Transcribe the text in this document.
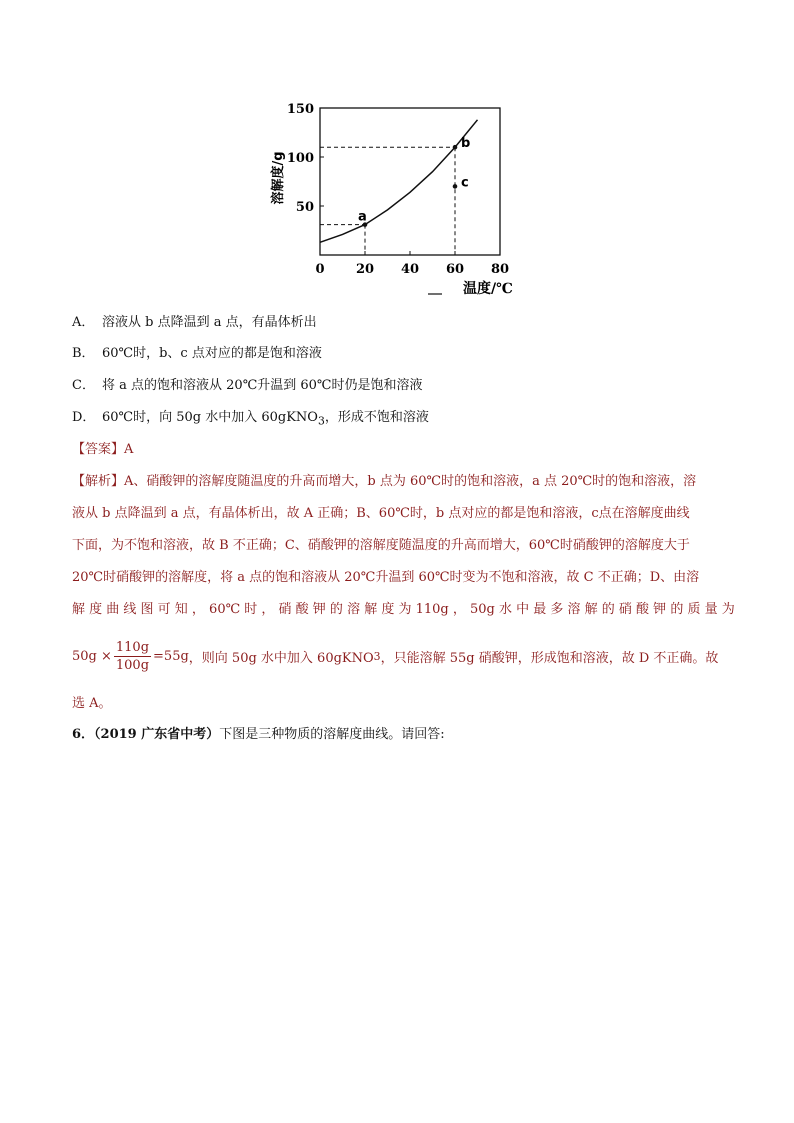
溶解度/g
温度/℃
0 20 40 60 80
50
100
150
a
b
c
A． 溶液从 b 点降温到 a 点，有晶体析出
B． 60℃时，b、c 点对应的都是饱和溶液
C． 将 a 点的饱和溶液从 20℃升温到 60℃时仍是饱和溶液
D． 60℃时，向 50g 水中加入 60gKNO$_3$，形成不饱和溶液
【答案】A
【解析】A、硝酸钾的溶解度随温度的升高而增大，b 点为 60℃时的饱和溶液，a 点 20℃时的饱和溶液，溶
液从 b 点降温到 a 点，有晶体析出，故 A 正确；B、60℃时，b 点对应的都是饱和溶液，c点在溶解度曲线
下面，为不饱和溶液，故 B 不正确；C、硝酸钾的溶解度随温度的升高而增大，60℃时硝酸钾的溶解度大于
20℃时硝酸钾的溶解度，将 a 点的饱和溶液从 20℃升温到 60℃时变为不饱和溶液，故 C 不正确；D、由溶
解 度 曲 线 图 可 知 ， 60℃ 时 ， 硝 酸 钾 的 溶 解 度 为 110g ， 50g 水 中 最 多 溶 解 的 硝 酸 钾 的 质 量 为
$50g \times \frac{110g}{100g} =55g$ ，则向 50g 水中加入 60gKNO 3 ，只能溶解 55g 硝酸钾，形成饱和溶液，故 D 不正确。故
选 A。
6．（2019 广东省中考）下图是三种物质的溶解度曲线。请回答:
